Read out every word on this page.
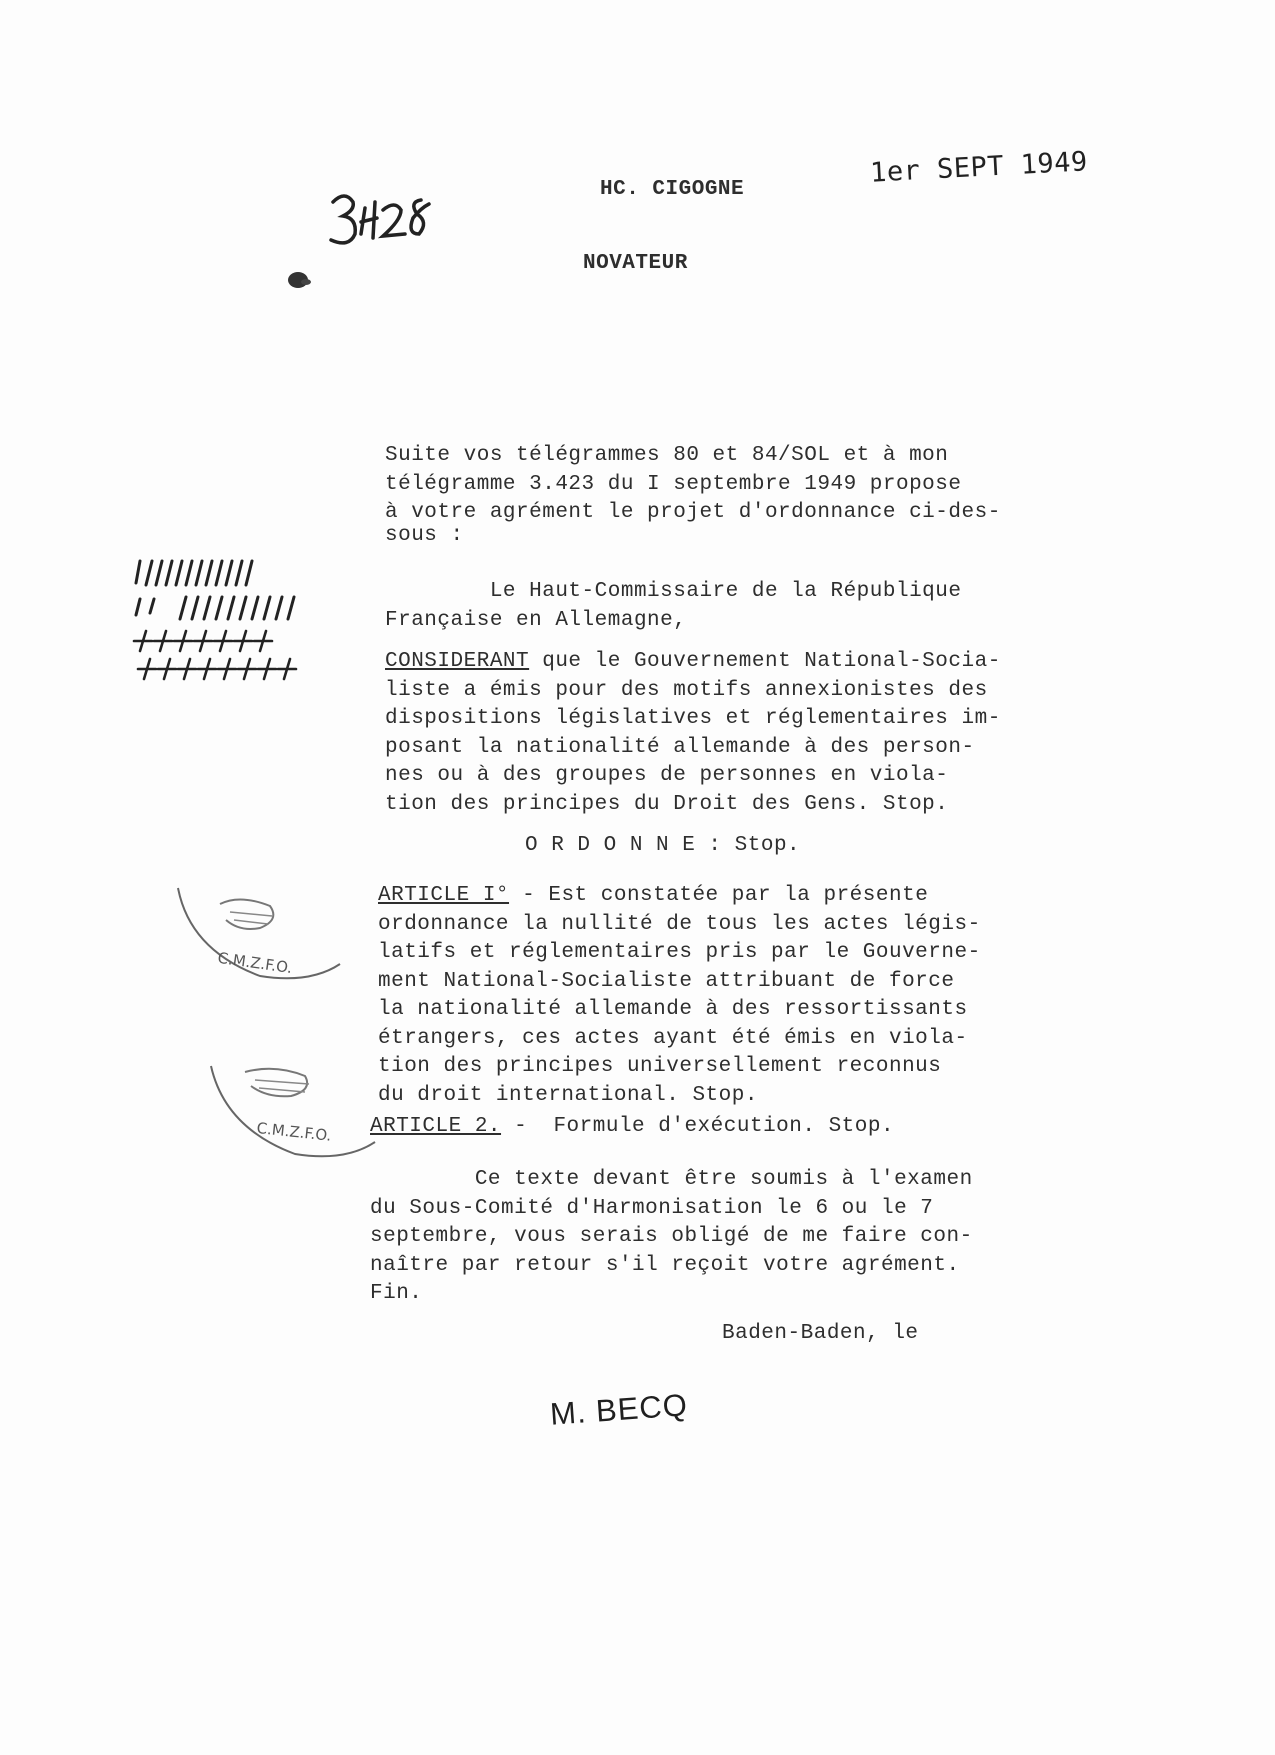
HC. CIGOGNE
NOVATEUR
1er SEPT 1949
Suite vos télégrammes 80 et 84/SOL et à mon
télégramme 3.423 du I septembre 1949 propose
à votre agrément le projet d'ordonnance ci-des-
sous :
Le Haut-Commissaire de la République
Française en Allemagne,
CONSIDERANT que le Gouvernement National-Socia-
liste a émis pour des motifs annexionistes des
dispositions législatives et réglementaires im-
posant la nationalité allemande à des person-
nes ou à des groupes de personnes en viola-
tion des principes du Droit des Gens. Stop.
O R D O N N E : Stop.
ARTICLE I° - Est constatée par la présente
ordonnance la nullité de tous les actes légis-
latifs et réglementaires pris par le Gouverne-
ment National-Socialiste attribuant de force
la nationalité allemande à des ressortissants
étrangers, ces actes ayant été émis en viola-
tion des principes universellement reconnus
du droit international. Stop.
ARTICLE 2. -  Formule d'exécution. Stop.
Ce texte devant être soumis à l'examen
du Sous-Comité d'Harmonisation le 6 ou le 7
septembre, vous serais obligé de me faire con-
naître par retour s'il reçoit votre agrément.
Fin.
Baden-Baden, le
M. BECQ
C.M.Z.F.O.
C.M.Z.F.O.
